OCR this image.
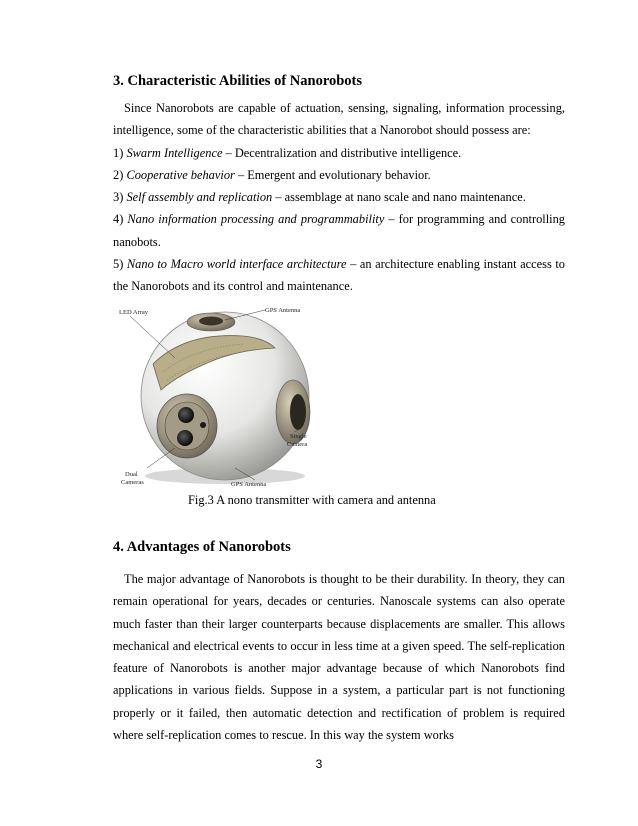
3. Characteristic Abilities of Nanorobots

Since Nanorobots are capable of actuation, sensing, signaling, information processing, intelligence, some of the characteristic abilities that a Nanorobot should possess are:

1) Swarm Intelligence – Decentralization and distributive intelligence.

2) Cooperative behavior – Emergent and evolutionary behavior.

3) Self assembly and replication – assemblage at nano scale and nano maintenance.

4) Nano information processing and programmability – for programming and controlling nanobots.

5) Nano to Macro world interface architecture – an architecture enabling instant access to the Nanorobots and its control and maintenance.

LED Array	GPS Antenna
Single
Camera
Dual
Cameras	GPS Antenna
Fig.3 A nono transmitter with camera and antenna
4. Advantages of Nanorobots

The major advantage of Nanorobots is thought to be their durability. In theory, they can remain operational for years, decades or centuries. Nanoscale systems can also operate much faster than their larger counterparts because displacements are smaller. This allows mechanical and electrical events to occur in less time at a given speed. The self-replication feature of Nanorobots is another major advantage because of which Nanorobots find applications in various fields. Suppose in a system, a particular part is not functioning properly or it failed, then automatic detection and rectification of problem is required where self-replication comes to rescue. In this way the system works

3
